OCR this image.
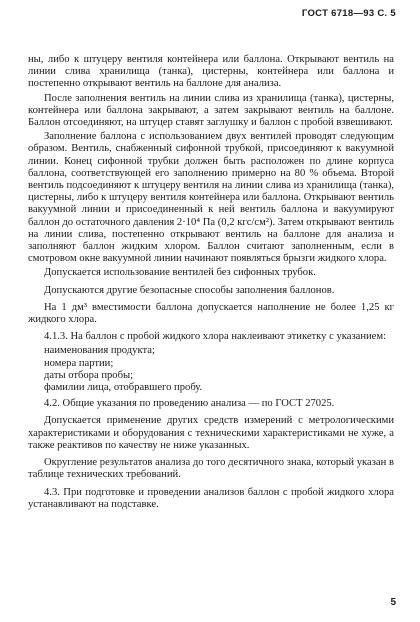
ГОСТ 6718—93 С. 5

ны, либо к штуцеру вентиля контейнера или баллона. Открывают вентиль на линии слива хранилища (танка), цистерны, контейнера или баллона и постепенно открывают вентиль на баллоне для анализа.

После заполнения вентиль на линии слива из хранилища (танка), цистерны, контейнера или баллона закрывают, а затем закрывают вентиль на баллоне. Баллон отсоединяют, на штуцер ставят заглушку и баллон с пробой взвешивают.

Заполнение баллона с использованием двух вентилей проводят следующим образом. Вентиль, снабженный сифонной трубкой, присоединяют к вакуумной линии. Конец сифонной трубки должен быть расположен по длине корпуса баллона, соответствующей его заполнению примерно на 80 % объема. Второй вентиль подсоединяют к штуцеру вентиля на линии слива из хранилища (танка), цистерны, либо к штуцеру вентиля контейнера или баллона. Открывают вентиль вакуумной линии и присоединенный к ней вентиль баллона и вакуумируют баллон до остаточного давления 2·10⁴ Па (0,2 кгс/см²). Затем открывают вентиль на линии слива, постепенно открывают вентиль на баллоне для анализа и заполняют баллон жидким хлором. Баллон считают заполненным, если в смотровом окне вакуумной линии начинают появляться брызги жидкого хлора.

Допускается использование вентилей без сифонных трубок.

Допускаются другие безопасные способы заполнения баллонов.

На 1 дм³ вместимости баллона допускается наполнение не более 1,25 кг жидкого хлора.

4.1.3. На баллон с пробой жидкого хлора наклеивают этикетку с указанием:

наименования продукта;
номера партии;
даты отбора пробы;
фамилии лица, отобравшего пробу.

4.2. Общие указания по проведению анализа — по ГОСТ 27025.

Допускается применение других средств измерений с метрологическими характеристиками и оборудования с техническими характеристиками не хуже, а также реактивов по качеству не ниже указанных.

Округление результатов анализа до того десятичного знака, который указан в таблице технических требований.

4.3. При подготовке и проведении анализов баллон с пробой жидкого хлора устанавливают на подставке.

5
